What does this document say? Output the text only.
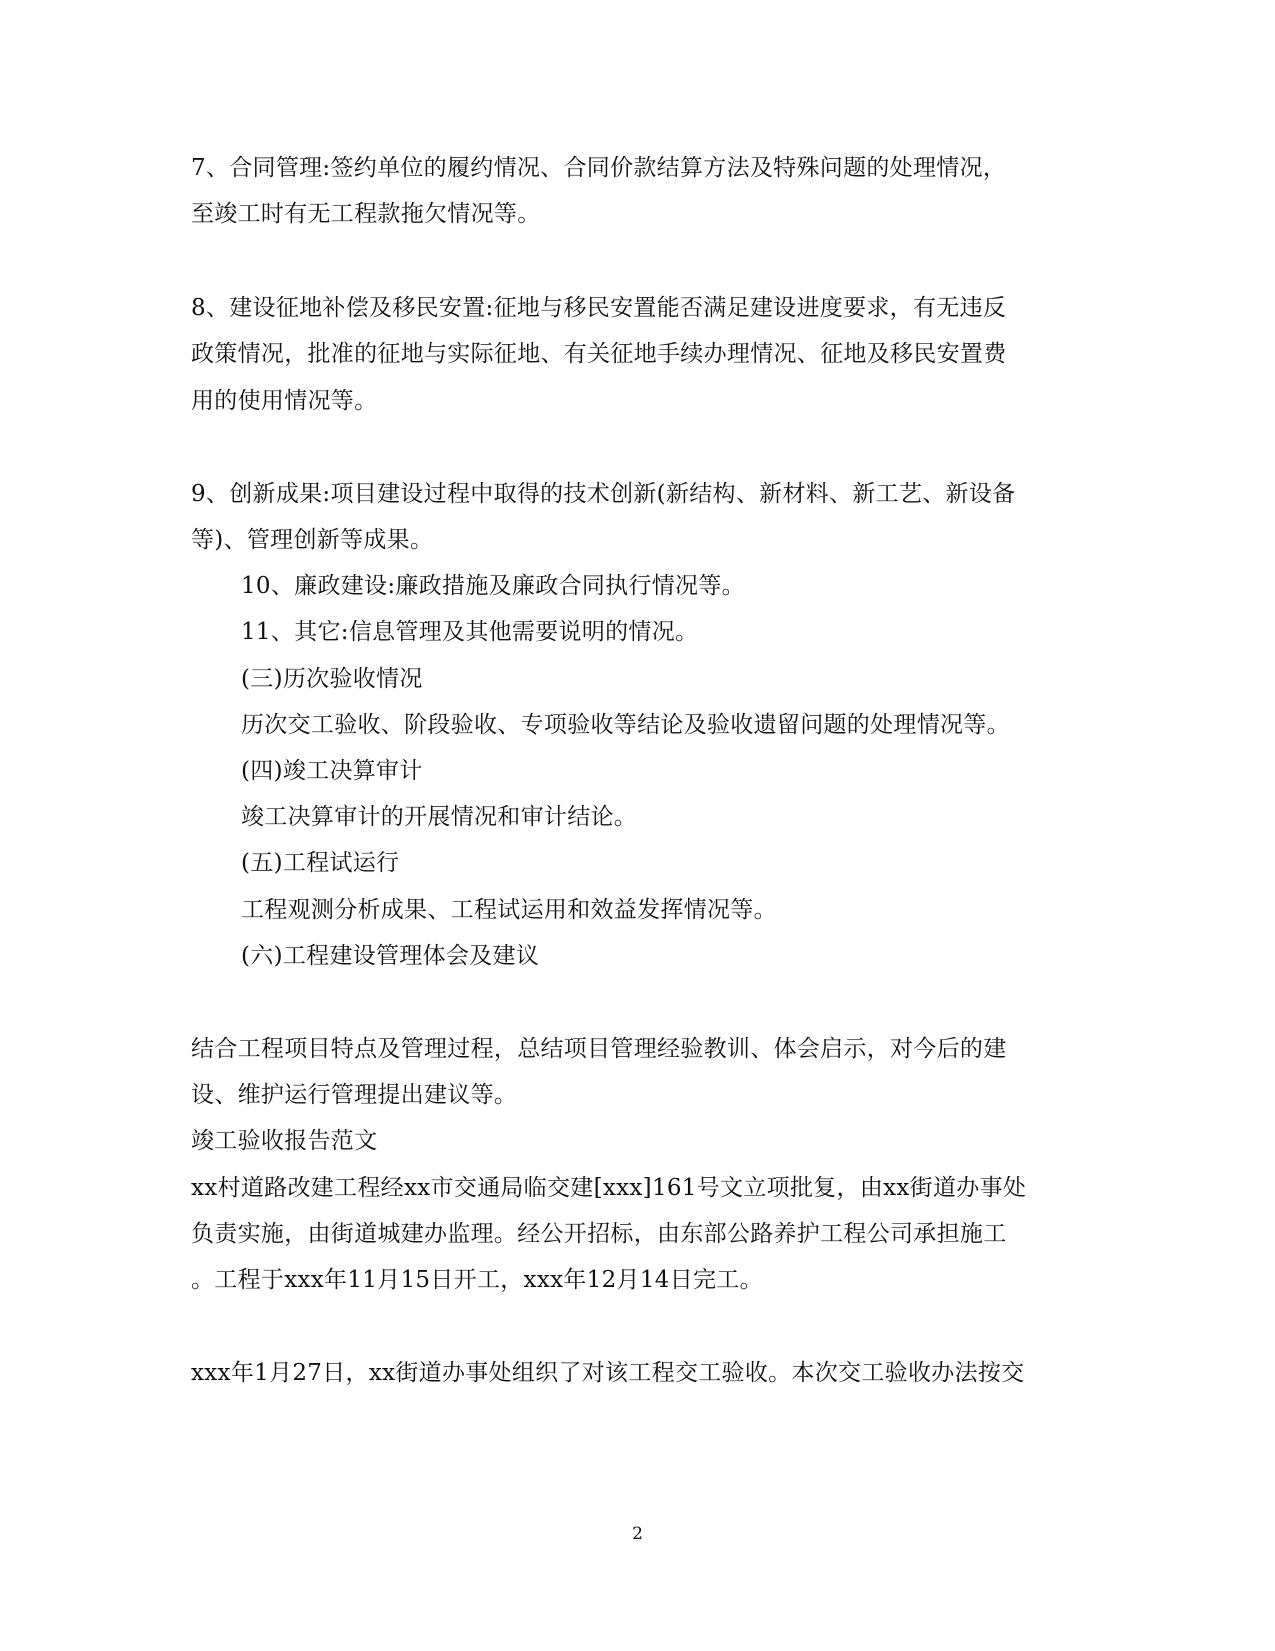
7、合同管理:签约单位的履约情况、合同价款结算方法及特殊问题的处理情况，
至竣工时有无工程款拖欠情况等。
8、建设征地补偿及移民安置:征地与移民安置能否满足建设进度要求，有无违反
政策情况，批准的征地与实际征地、有关征地手续办理情况、征地及移民安置费
用的使用情况等。
9、创新成果:项目建设过程中取得的技术创新(新结构、新材料、新工艺、新设备
等)、管理创新等成果。
10、廉政建设:廉政措施及廉政合同执行情况等。
11、其它:信息管理及其他需要说明的情况。
(三)历次验收情况
历次交工验收、阶段验收、专项验收等结论及验收遗留问题的处理情况等。
(四)竣工决算审计
竣工决算审计的开展情况和审计结论。
(五)工程试运行
工程观测分析成果、工程试运用和效益发挥情况等。
(六)工程建设管理体会及建议
结合工程项目特点及管理过程，总结项目管理经验教训、体会启示，对今后的建
设、维护运行管理提出建议等。
竣工验收报告范文
xx村道路改建工程经xx市交通局临交建[xxx]161号文立项批复，由xx街道办事处
负责实施，由街道城建办监理。经公开招标，由东部公路养护工程公司承担施工
。工程于xxx年11月15日开工，xxx年12月14日完工。
xxx年1月27日，xx街道办事处组织了对该工程交工验收。本次交工验收办法按交
2
